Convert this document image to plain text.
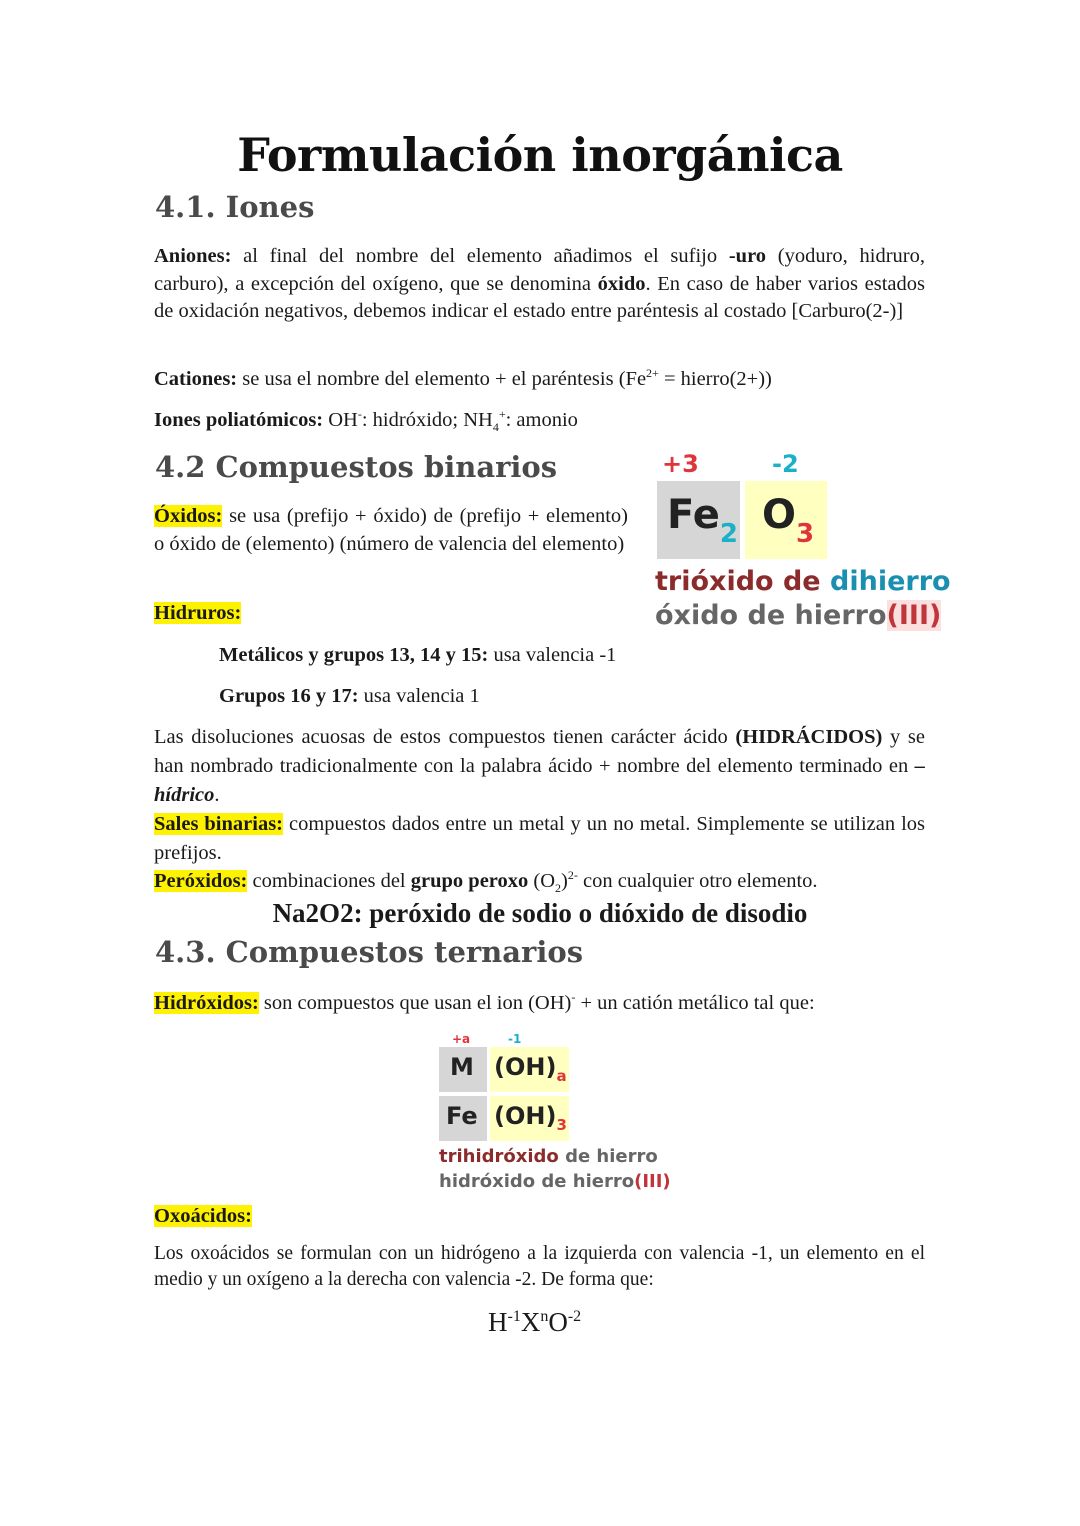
Formulación inorgánica
4.1. Iones
Aniones: al final del nombre del elemento añadimos el sufijo -uro (yoduro, hidruro, carburo), a excepción del oxígeno, que se denomina óxido. En caso de haber varios estados de oxidación negativos, debemos indicar el estado entre paréntesis al costado [Carburo(2-)]
Cationes: se usa el nombre del elemento + el paréntesis ($Fe^{2+}$ = hierro(2+))
Iones poliatómicos: OH-: hidróxido; $NH_4^+$: amonio
4.2 Compuestos binarios
Óxidos: se usa (prefijo + óxido) de (prefijo + elemento) o óxido de (elemento) (número de valencia del elemento)
Hidruros:
Metálicos y grupos 13, 14 y 15: usa valencia -1
Grupos 16 y 17: usa valencia 1
Las disoluciones acuosas de estos compuestos tienen carácter ácido (HIDRÁCIDOS) y se han nombrado tradicionalmente con la palabra ácido + nombre del elemento terminado en –hídrico.
Sales binarias: compuestos dados entre un metal y un no metal. Simplemente se utilizan los prefijos.
Peróxidos: combinaciones del grupo peroxo $(O_2)^{2-}$ con cualquier otro elemento.
Na2O2: peróxido de sodio o dióxido de disodio
+3	-2
$Fe_2$ $O_3$
trióxido de dihierro
óxido de hierro(III)
4.3. Compuestos ternarios
Hidróxidos: son compuestos que usan el ion (OH)- + un catión metálico tal que:
+a	-1
M $(OH)_a$
Fe $(OH)_3$
trihidróxido de hierro
hidróxido de hierro(III)
Oxoácidos:
Los oxoácidos se formulan con un hidrógeno a la izquierda con valencia -1, un elemento en el medio y un oxígeno a la derecha con valencia -2. De forma que:
$H^{-1}X^nO^{-2}$
